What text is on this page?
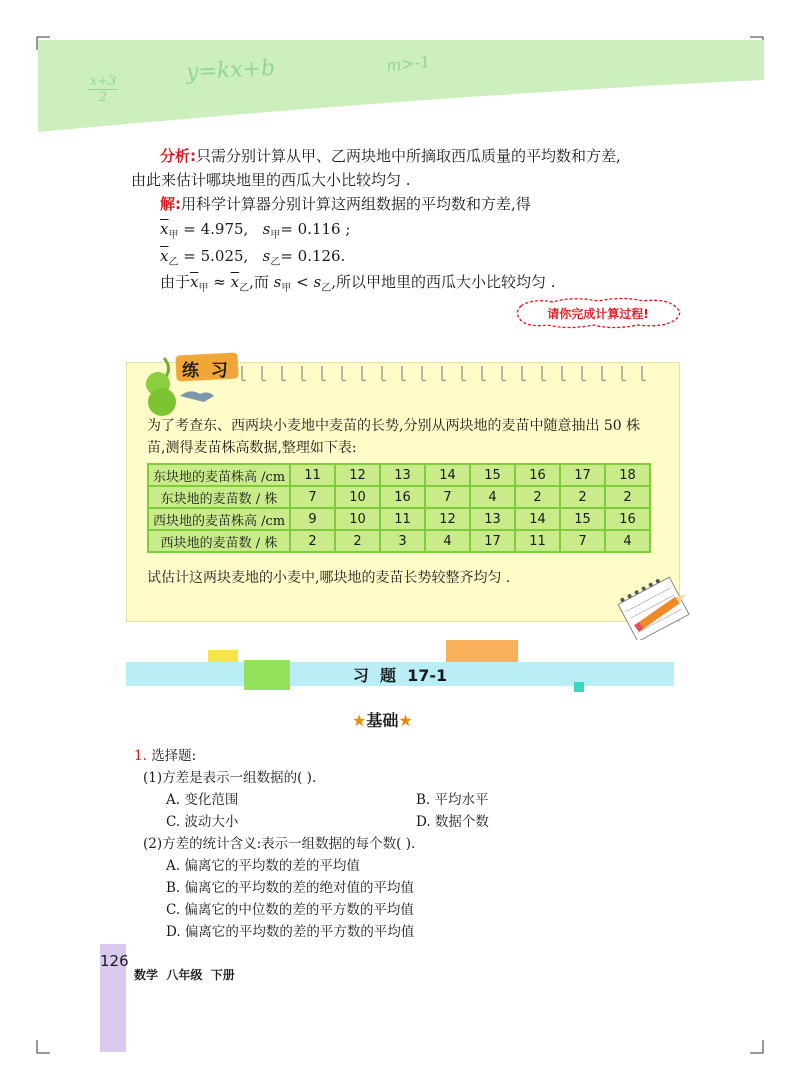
x+3
2
y=kx+b	m>-1
分析:只需分别计算从甲、乙两块地中所摘取西瓜质量的平均数和方差,
由此来估计哪块地里的西瓜大小比较均匀 .
解:用科学计算器分别计算这两组数据的平均数和方差,得
$\overline{x}_甲 = 4.975$, $s_甲= 0.116$ ;
$\overline{x}_乙 = 5.025$, $s_乙= 0.126$.
由于$\overline{x}_甲 \approx \overline{x}_乙$,而 $s_甲 < s_乙$,所以甲地里的西瓜大小比较均匀 .
请你完成计算过程!
练 习
为了考查东、西两块小麦地中麦苗的长势,分别从两块地的麦苗中随意抽出 50 株
苗,测得麦苗株高数据,整理如下表:
东块地的麦苗株高 /cm	11	12	13	14	15	16	17	18
东块地的麦苗数 / 株	7	10	16	7	4	2	2	2
西块地的麦苗株高 /cm	9	10	11	12	13	14	15	16
西块地的麦苗数 / 株	2	2	3	4	17	11	7	4
试估计这两块麦地的小麦中,哪块地的麦苗长势较整齐均匀 .
习  题  17-1
★基础★
1. 选择题:
(1)方差是表示一组数据的( ).
A. 变化范围	B. 平均水平
C. 波动大小	D. 数据个数
(2)方差的统计含义:表示一组数据的每个数( ).
A. 偏离它的平均数的差的平均值
B. 偏离它的平均数的差的绝对值的平均值
C. 偏离它的中位数的差的平方数的平均值
D. 偏离它的平均数的差的平方数的平均值
126
数学  八年级  下册
